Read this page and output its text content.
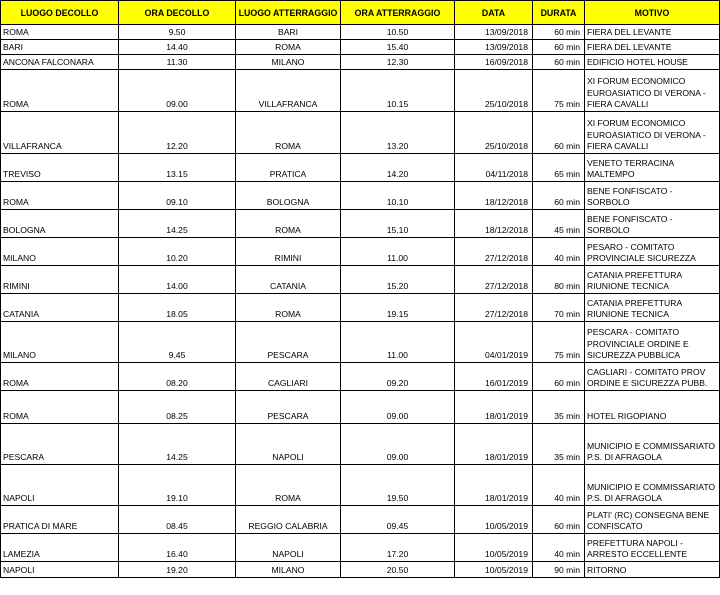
LUOGO DECOLLO	ORA DECOLLO	LUOGO ATTERRAGGIO	ORA ATTERRAGGIO	DATA	DURATA	MOTIVO
ROMA	9.50	BARI	10.50	13/09/2018	60 min	FIERA DEL LEVANTE
BARI	14.40	ROMA	15.40	13/09/2018	60 min	FIERA DEL LEVANTE
ANCONA FALCONARA	11.30	MILANO	12.30	16/09/2018	60 min	EDIFICIO HOTEL HOUSE
ROMA	09.00	VILLAFRANCA	10.15	25/10/2018	75 min	XI FORUM ECONOMICO EUROASIATICO DI VERONA - FIERA CAVALLI
VILLAFRANCA	12.20	ROMA	13.20	25/10/2018	60 min	XI FORUM ECONOMICO EUROASIATICO DI VERONA - FIERA CAVALLI
TREVISO	13.15	PRATICA	14.20	04/11/2018	65 min	VENETO TERRACINA MALTEMPO
ROMA	09.10	BOLOGNA	10.10	18/12/2018	60 min	BENE FONFISCATO - SORBOLO
BOLOGNA	14.25	ROMA	15.10	18/12/2018	45 min	BENE FONFISCATO - SORBOLO
MILANO	10.20	RIMINI	11.00	27/12/2018	40 min	PESARO - COMITATO PROVINCIALE SICUREZZA
RIMINI	14.00	CATANIA	15.20	27/12/2018	80 min	CATANIA PREFETTURA RIUNIONE TECNICA
CATANIA	18.05	ROMA	19.15	27/12/2018	70 min	CATANIA PREFETTURA RIUNIONE TECNICA
MILANO	9.45	PESCARA	11.00	04/01/2019	75 min	PESCARA - COMITATO PROVINCIALE ORDINE E SICUREZZA PUBBLICA
ROMA	08.20	CAGLIARI	09.20	16/01/2019	60 min	CAGLIARI - COMITATO PROV ORDINE E SICUREZZA PUBB.
ROMA	08.25	PESCARA	09.00	18/01/2019	35 min	HOTEL RIGOPIANO
PESCARA	14.25	NAPOLI	09.00	18/01/2019	35 min	MUNICIPIO E COMMISSARIATO P.S. DI AFRAGOLA
NAPOLI	19.10	ROMA	19.50	18/01/2019	40 min	MUNICIPIO E COMMISSARIATO P.S. DI AFRAGOLA
PRATICA DI MARE	08.45	REGGIO CALABRIA	09.45	10/05/2019	60 min	PLATI' (RC) CONSEGNA BENE CONFISCATO
LAMEZIA	16.40	NAPOLI	17.20	10/05/2019	40 min	PREFETTURA NAPOLI - ARRESTO ECCELLENTE
NAPOLI	19.20	MILANO	20.50	10/05/2019	90 min	RITORNO
